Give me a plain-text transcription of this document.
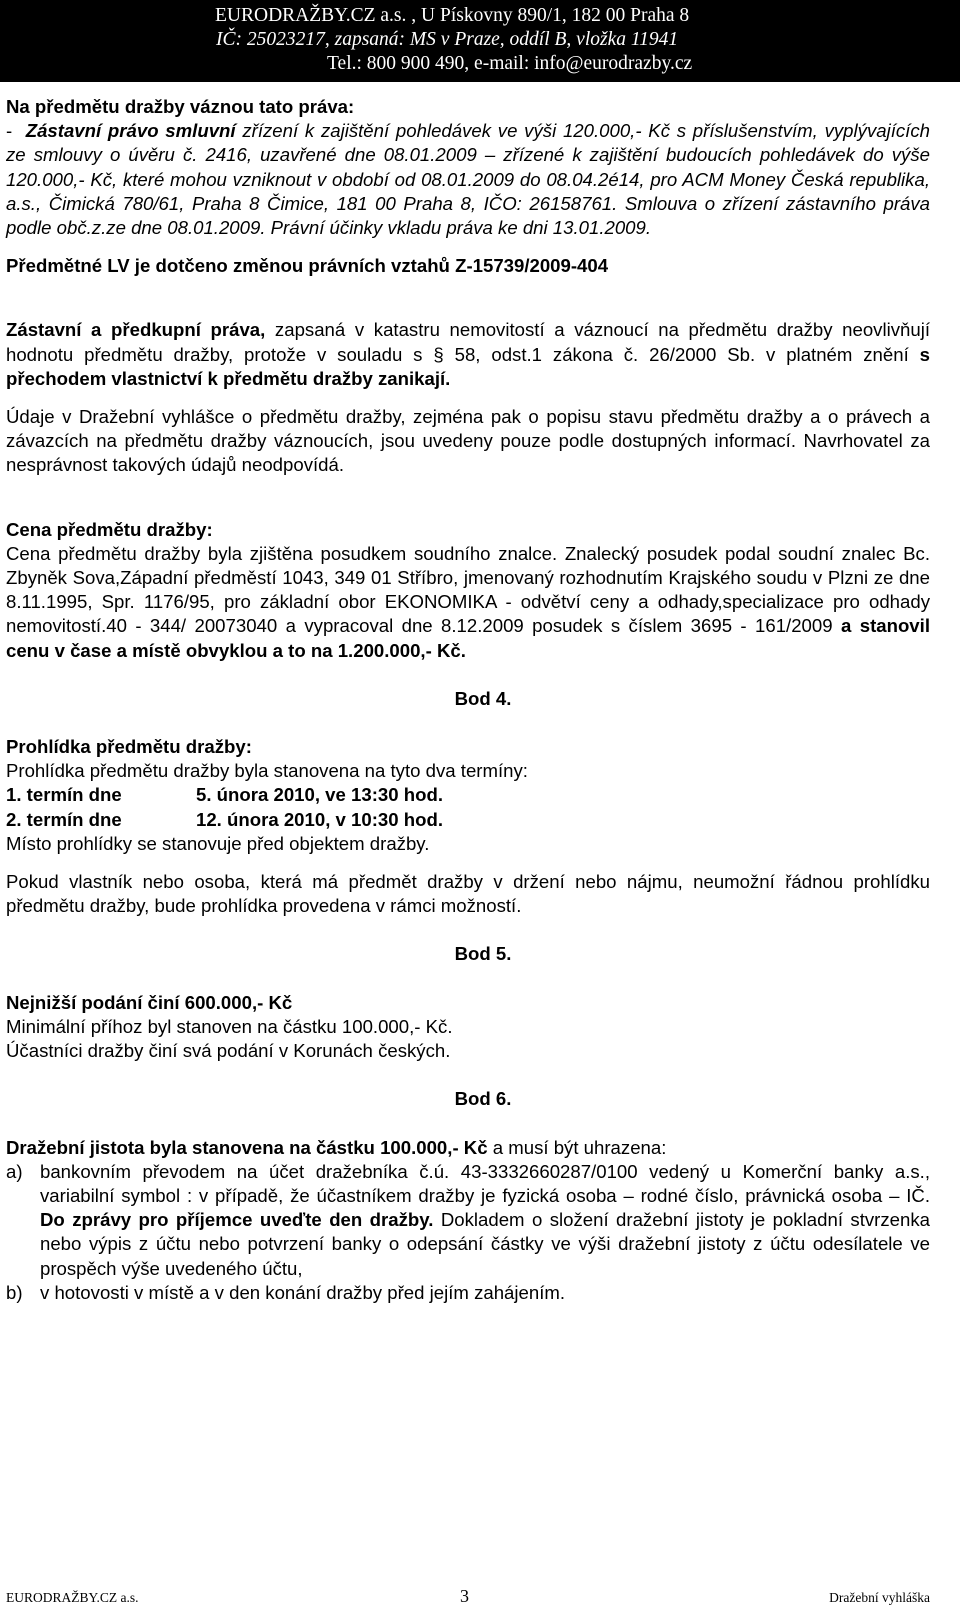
EURODRAŽBY.CZ a.s. , U Pískovny 890/1, 182 00 Praha 8
IČ: 25023217, zapsaná: MS v Praze, oddíl B, vložka 11941
Tel.: 800 900 490, e-mail: info@eurodrazby.cz

Na předmětu dražby váznou tato práva:

- Zástavní právo smluvní zřízení k zajištění pohledávek ve výši 120.000,- Kč s příslušenstvím, vyplývajících ze smlouvy o úvěru č. 2416, uzavřené dne 08.01.2009 – zřízené k zajištění budoucích pohledávek do výše 120.000,- Kč, které mohou vzniknout v období od 08.01.2009 do 08.04.2é14, pro ACM Money Česká republika, a.s., Čimická 780/61, Praha 8 Čimice, 181 00 Praha 8, IČO: 26158761. Smlouva o zřízení zástavního práva podle obč.z.ze dne 08.01.2009. Právní účinky vkladu práva ke dni 13.01.2009.

Předmětné LV je dotčeno změnou právních vztahů Z-15739/2009-404

Zástavní a předkupní práva, zapsaná v katastru nemovitostí a váznoucí na předmětu dražby neovlivňují hodnotu předmětu dražby, protože v souladu s § 58, odst.1 zákona č. 26/2000 Sb. v platném znění s přechodem vlastnictví k předmětu dražby zanikají.

Údaje v Dražební vyhlášce o předmětu dražby, zejména pak o popisu stavu předmětu dražby a o právech a závazcích na předmětu dražby váznoucích, jsou uvedeny pouze podle dostupných informací. Navrhovatel za nesprávnost takových údajů neodpovídá.

Cena předmětu dražby:

Cena předmětu dražby byla zjištěna posudkem soudního znalce. Znalecký posudek podal soudní znalec Bc. Zbyněk Sova,Západní předměstí 1043, 349 01 Stříbro, jmenovaný rozhodnutím Krajského soudu v Plzni ze dne 8.11.1995, Spr. 1176/95, pro základní obor EKONOMIKA - odvětví ceny a odhady,specializace pro odhady nemovitostí.40 - 344/ 20073040 a vypracoval dne 8.12.2009 posudek s číslem 3695 - 161/2009 a stanovil cenu v čase a místě obvyklou a to na 1.200.000,- Kč.

Bod 4.

Prohlídka předmětu dražby:

Prohlídka předmětu dražby byla stanovena na tyto dva termíny:

1. termín dne	5. února 2010, ve 13:30 hod.

2. termín dne	12. února 2010, v 10:30 hod.

Místo prohlídky se stanovuje před objektem dražby.

Pokud vlastník nebo osoba, která má předmět dražby v držení nebo nájmu, neumožní řádnou prohlídku předmětu dražby, bude prohlídka provedena v rámci možností.

Bod 5.

Nejnižší podání činí 600.000,- Kč

Minimální příhoz byl stanoven na částku 100.000,- Kč.

Účastníci dražby činí svá podání v Korunách českých.

Bod 6.

Dražební jistota byla stanovena na částku 100.000,- Kč a musí být uhrazena:

a) bankovním převodem na účet dražebníka č.ú. 43-3332660287/0100 vedený u Komerční banky a.s., variabilní symbol : v případě, že účastníkem dražby je fyzická osoba – rodné číslo, právnická osoba – IČ. Do zprávy pro příjemce uveďte den dražby. Dokladem o složení dražební jistoty je pokladní stvrzenka nebo výpis z účtu nebo potvrzení banky o odepsání částky ve výši dražební jistoty z účtu odesílatele ve prospěch výše uvedeného účtu,

b) v hotovosti v místě a v den konání dražby před jejím zahájením.

EURODRAŽBY.CZ a.s.	3	Dražební vyhláška
